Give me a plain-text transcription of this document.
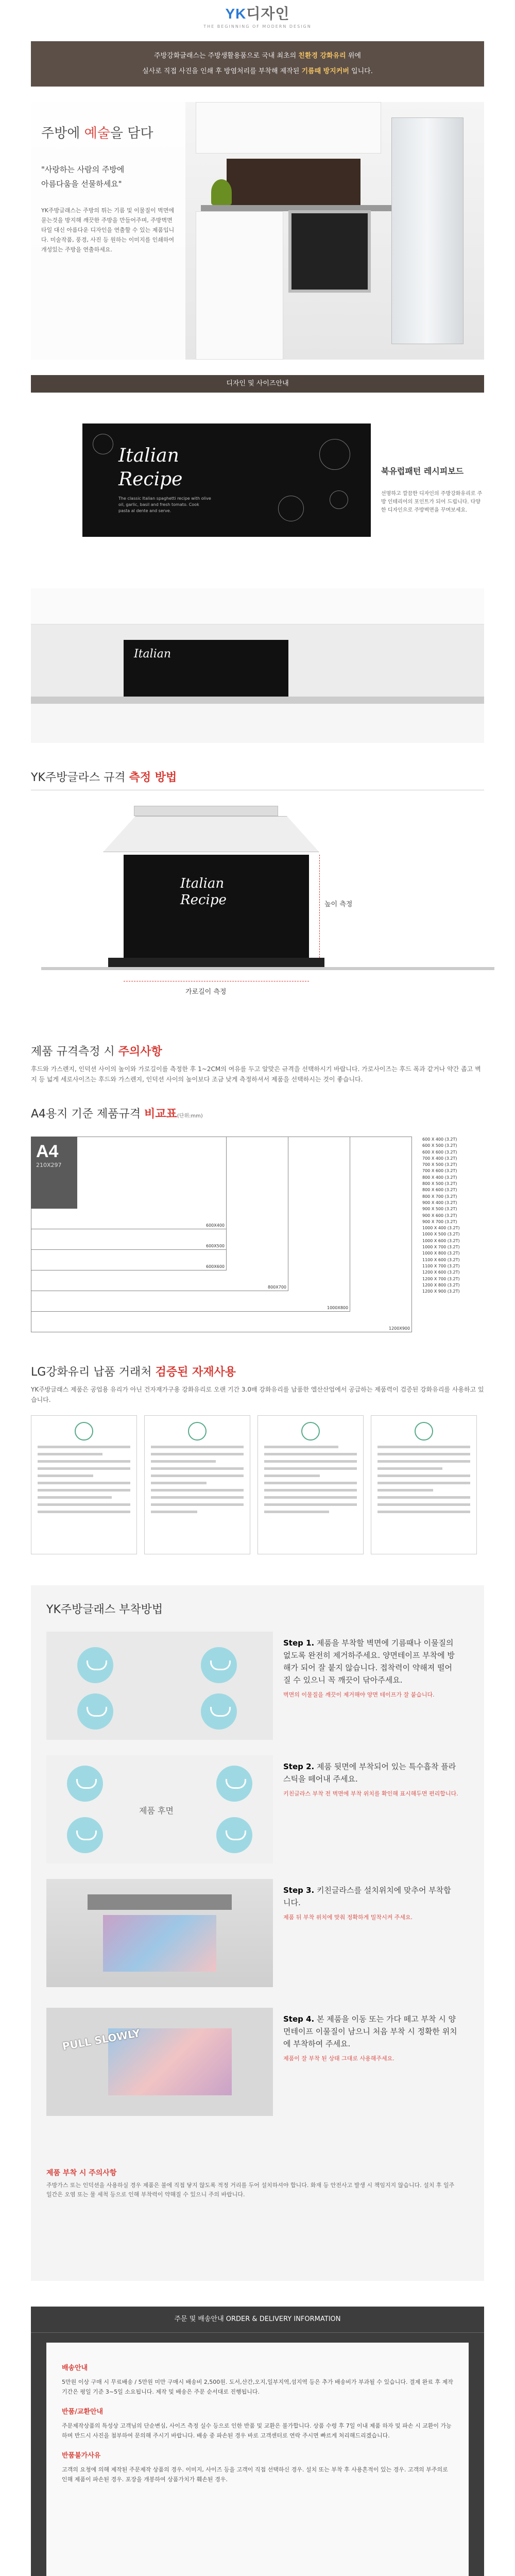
YK디자인
THE BEGINNING OF MODERN DESIGN
주방강화글래스는 주방생활용품으로 국내 최초의 친환경 강화유리 위에
실사로 직접 사진을 인쇄 후 방염처리를 부착해 제작된 기름때 방지커버 입니다.
주방에 예술을 담다
"사랑하는 사람의 주방에
아름다움을 선물하세요"
YK주방글래스는 주방의 튀는 기름 및 이물질이 벽면에 묻는것을 방지해 깨끗한 주방을 만들어주며, 주방벽면 타일 대신 아름다운 디자인을 연출할 수 있는 제품입니다. 미술작품, 풍경, 사진 등 원하는 이미지를 인쇄하여 개성있는 주방을 연출하세요.
디자인 및 사이즈안내
Italian
Recipe
The classic Italian spaghetti recipe with olive oil, garlic, basil and fresh tomato. Cook pasta al dente and serve.
북유럽패턴 레시피보드
선명하고 깔끔한 디자인의 주방강화유리로 주방 인테리어의 포인트가 되어 드립니다. 다양한 디자인으로 주방벽면을 꾸며보세요.
Italian
YK주방글라스 규격 측정 방법
Italian
Recipe	높이 측정
가로길이 측정
제품 규격측정 시 주의사항
후드와 가스렌지, 인덕션 사이의 높이와 가로길이를 측정한 후 1~2CM의 여유를 두고 알맞은 규격을 선택하시기 바랍니다. 가로사이즈는 후드 폭과 같거나 약간 좁고 벽지 등 넓게 세로사이즈는 후드와 가스렌지, 인덕션 사이의 높이보다 조금 낮게 측정하셔서 제품을 선택하시는 것이 좋습니다.
A4용지 기준 제품규격 비교표(단위:mm)
A4
210X297
600X400
600X500
600X600
800X700
1000X800
1200X900
600 X 400 (3.2T)
600 X 500 (3.2T)
600 X 600 (3.2T)
700 X 400 (3.2T)
700 X 500 (3.2T)
700 X 600 (3.2T)
800 X 400 (3.2T)
800 X 500 (3.2T)
800 X 600 (3.2T)
800 X 700 (3.2T)
900 X 400 (3.2T)
900 X 500 (3.2T)
900 X 600 (3.2T)
900 X 700 (3.2T)
1000 X 400 (3.2T)
1000 X 500 (3.2T)
1000 X 600 (3.2T)
1000 X 700 (3.2T)
1000 X 800 (3.2T)
1100 X 600 (3.2T)
1100 X 700 (3.2T)
1200 X 600 (3.2T)
1200 X 700 (3.2T)
1200 X 800 (3.2T)
1200 X 900 (3.2T)
LG강화유리 납품 거래처 검증된 자재사용
YK주방글래스 제품은 공업용 유리가 아닌 건자재가구용 강화유리로 오랜 기간 3.0배 강화유리를 납품한 엘산산업에서 공급하는 제품력이 검증된 강화유리를 사용하고 있습니다.
YK주방글래스 부착방법
Step 1. 제품을 부착할 벽면에 기름때나 이물질의 없도록 완전히 제거하주세요. 양면테이프 부착에 방해가 되어 잘 붙지 않습니다. 접착력이 약해져 떨어질 수 있으니 꼭 깨끗이 닦아주세요.
벽면의 이물질을 깨끗이 제거해야 양면 테이프가 잘 붙습니다.
제품 후면
Step 2. 제품 뒷면에 부착되어 있는 특수흡착 플라스틱을 떼어내 주세요.
키친글라스 부착 전 벽면에 부착 위치를 확인해 표시해두면 편리합니다.
Step 3. 키친글라스를 설치위치에 맞추어 부착합니다.
제품 뒤 부착 위치에 맞춰 정확하게 밀착시켜 주세요.
PULL SLOWLY
Step 4. 본 제품을 이동 또는 가다 떼고 부착 시 양면테이프 이물질이 남으니 처음 부착 시 정확한 위치에 부착하여 주세요.
제품이 잘 부착 된 상태 그대로 사용해주세요.
제품 부착 시 주의사항
주방가스 또는 인덕션을 사용하실 경우 제품은 불에 직접 닿지 않도록 적정 거리를 두어 설치하셔야 합니다. 화재 등 안전사고 발생 시 책임지지 않습니다. 설치 후 일주일간은 오염 또는 물 세척 등으로 인해 부착력이 약해질 수 있으니 주의 바랍니다.
주문 및 배송안내 ORDER & DELIVERY INFORMATION
배송안내
5만원 이상 구매 시 무료배송 / 5만원 미만 구매시 배송비 2,500원. 도서,산간,오지,일부지역,섬지역 등은 추가 배송비가 부과될 수 있습니다. 결제 완료 후 제작 기간은 평일 기준 3~5일 소요됩니다. 제작 및 배송은 주문 순서대로 진행됩니다.
반품/교환안내
주문제작상품의 특성상 고객님의 단순변심, 사이즈 측정 실수 등으로 인한 반품 및 교환은 불가합니다. 상품 수령 후 7일 이내 제품 하자 및 파손 시 교환이 가능하며 반드시 사진을 첨부하여 문의해 주시기 바랍니다. 배송 중 파손된 경우 바로 고객센터로 연락 주시면 빠르게 처리해드리겠습니다.
반품불가사유
고객의 요청에 의해 제작된 주문제작 상품의 경우. 이미지, 사이즈 등을 고객이 직접 선택하신 경우. 설치 또는 부착 후 사용흔적이 있는 경우. 고객의 부주의로 인해 제품이 파손된 경우. 포장을 개봉하여 상품가치가 훼손된 경우.
